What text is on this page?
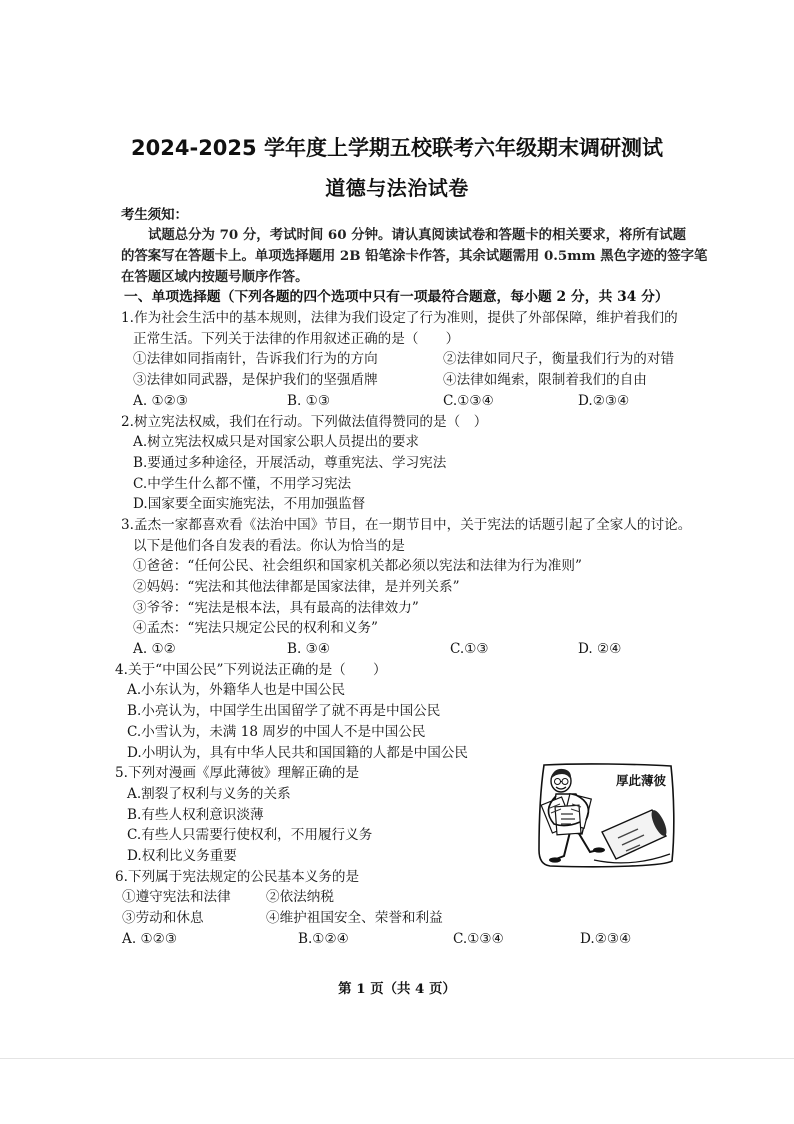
2024-2025 学年度上学期五校联考六年级期末调研测试
道德与法治试卷
考生须知：
试题总分为 70 分，考试时间 60 分钟。请认真阅读试卷和答题卡的相关要求，将所有试题
的答案写在答题卡上。单项选择题用 2B 铅笔涂卡作答，其余试题需用 0.5mm 黑色字迹的签字笔
在答题区域内按题号顺序作答。
一、单项选择题（下列各题的四个选项中只有一项最符合题意，每小题 2 分，共 34 分）
1.作为社会生活中的基本规则，法律为我们设定了行为准则，提供了外部保障，维护着我们的
正常生活。下列关于法律的作用叙述正确的是（　　）
①法律如同指南针，告诉我们行为的方向	②法律如同尺子，衡量我们行为的对错
③法律如同武器，是保护我们的坚强盾牌	④法律如绳索，限制着我们的自由
A. ①②③	B. ①③	C.①③④	D.②③④
2.树立宪法权威，我们在行动。下列做法值得赞同的是（　）
A.树立宪法权威只是对国家公职人员提出的要求
B.要通过多种途径，开展活动，尊重宪法、学习宪法
C.中学生什么都不懂，不用学习宪法
D.国家要全面实施宪法，不用加强监督
3.孟杰一家都喜欢看《法治中国》节目，在一期节目中，关于宪法的话题引起了全家人的讨论。
以下是他们各自发表的看法。你认为恰当的是
①爸爸：“任何公民、社会组织和国家机关都必须以宪法和法律为行为准则”
②妈妈：“宪法和其他法律都是国家法律，是并列关系”
③爷爷：“宪法是根本法，具有最高的法律效力”
④孟杰：“宪法只规定公民的权利和义务”
A. ①②	B. ③④	C.①③	D. ②④
4.关于“中国公民”下列说法正确的是（　　）
A.小东认为，外籍华人也是中国公民
B.小亮认为，中国学生出国留学了就不再是中国公民
C.小雪认为，未满 18 周岁的中国人不是中国公民
D.小明认为，具有中华人民共和国国籍的人都是中国公民
5.下列对漫画《厚此薄彼》理解正确的是
A.割裂了权利与义务的关系
B.有些人权利意识淡薄
C.有些人只需要行使权利，不用履行义务
D.权利比义务重要
6.下列属于宪法规定的公民基本义务的是
①遵守宪法和法律	②依法纳税
③劳动和休息	④维护祖国安全、荣誉和利益
A. ①②③	B.①②④	C.①③④	D.②③④
厚此薄彼
第 1 页（共 4 页）
